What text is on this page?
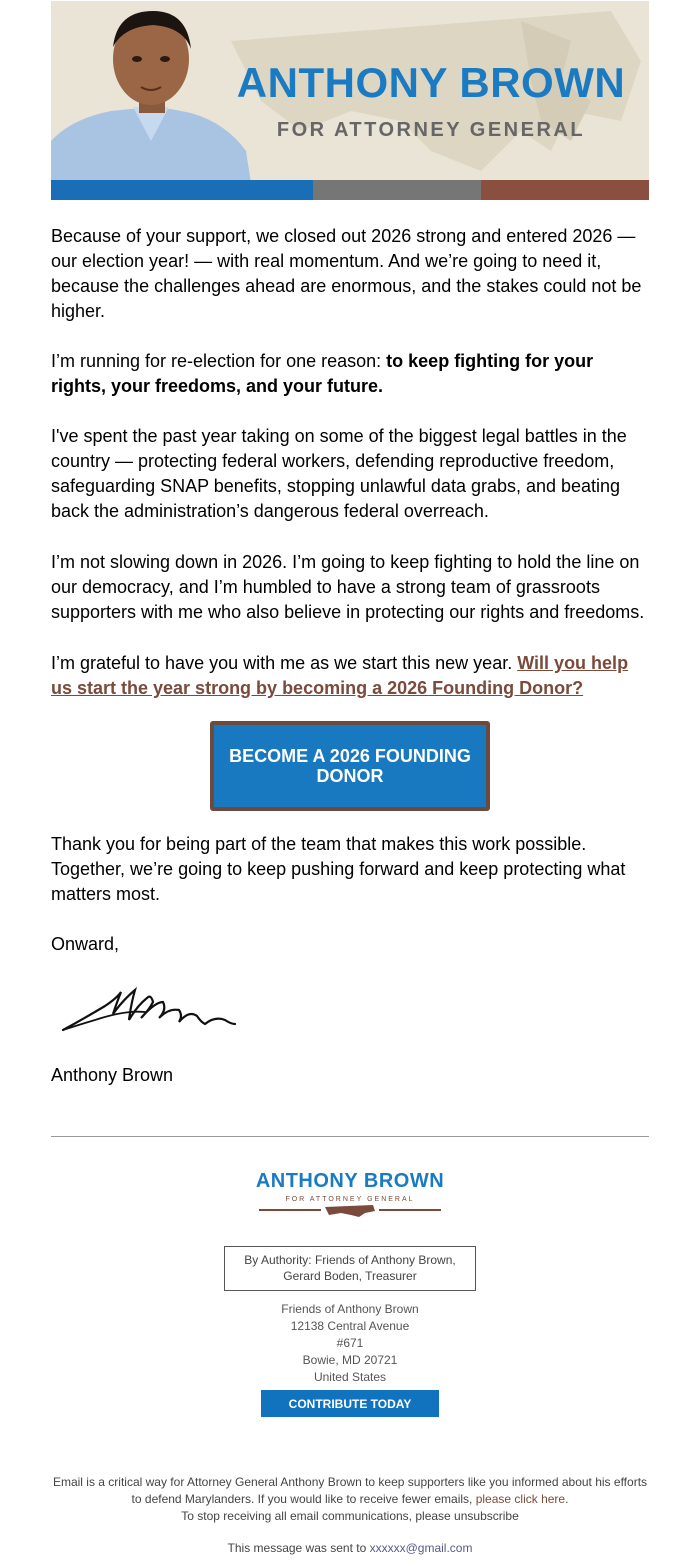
ANTHONY BROWN
FOR ATTORNEY GENERAL

Because of your support, we closed out 2026 strong and entered 2026 — our election year! — with real momentum. And we’re going to need it, because the challenges ahead are enormous, and the stakes could not be higher.

I’m running for re-election for one reason: to keep fighting for your rights, your freedoms, and your future.

I've spent the past year taking on some of the biggest legal battles in the country — protecting federal workers, defending reproductive freedom, safeguarding SNAP benefits, stopping unlawful data grabs, and beating back the administration’s dangerous federal overreach.

I’m not slowing down in 2026. I’m going to keep fighting to hold the line on our democracy, and I’m humbled to have a strong team of grassroots supporters with me who also believe in protecting our rights and freedoms.

I’m grateful to have you with me as we start this new year. Will you help us start the year strong by becoming a 2026 Founding Donor?

BECOME A 2026 FOUNDING DONOR

Thank you for being part of the team that makes this work possible. Together, we’re going to keep pushing forward and keep protecting what matters most.

Onward,

Anthony Brown

ANTHONY BROWN
FOR ATTORNEY GENERAL
By Authority: Friends of Anthony Brown,
Gerard Boden, Treasurer
Friends of Anthony Brown
12138 Central Avenue
#671
Bowie, MD 20721
United States
CONTRIBUTE TODAY
Email is a critical way for Attorney General Anthony Brown to keep supporters like you informed about his efforts to defend Marylanders. If you would like to receive fewer emails, please click here.
To stop receiving all email communications, please unsubscribe
This message was sent to xxxxxx@gmail.com
